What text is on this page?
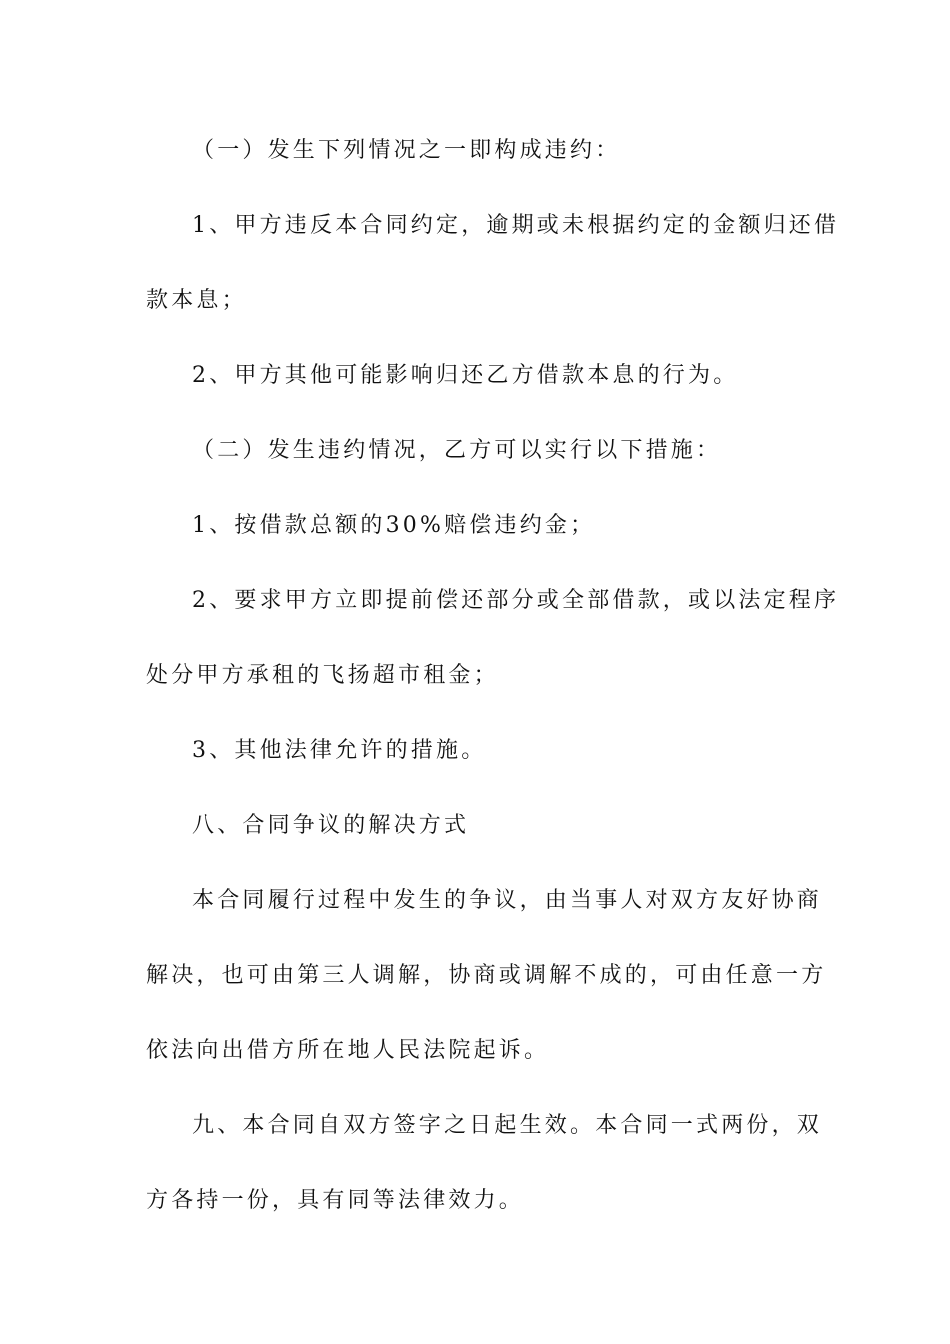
（一）发生下列情况之一即构成违约：
1、甲方违反本合同约定，逾期或未根据约定的金额归还借
款本息；
2、甲方其他可能影响归还乙方借款本息的行为。
（二）发生违约情况，乙方可以实行以下措施：
1、按借款总额的30%赔偿违约金；
2、要求甲方立即提前偿还部分或全部借款，或以法定程序
处分甲方承租的飞扬超市租金；
3、其他法律允许的措施。
八、合同争议的解决方式
本合同履行过程中发生的争议，由当事人对双方友好协商
解决，也可由第三人调解，协商或调解不成的，可由任意一方
依法向出借方所在地人民法院起诉。
九、本合同自双方签字之日起生效。本合同一式两份，双
方各持一份，具有同等法律效力。
